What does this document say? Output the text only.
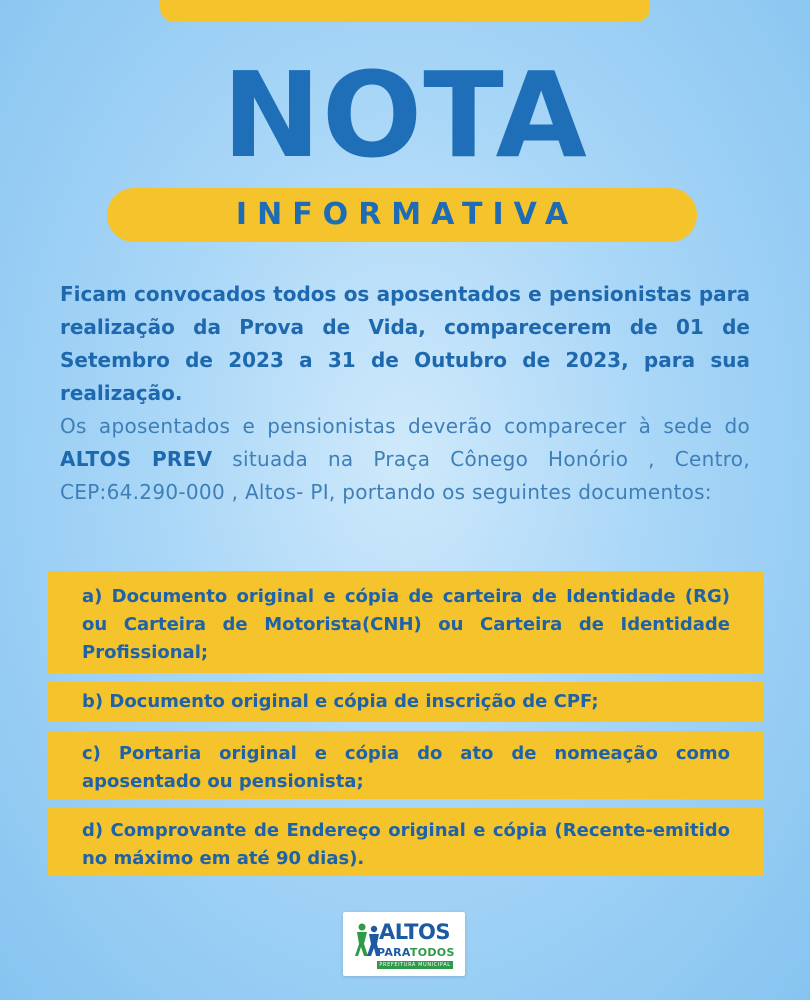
NOTA
INFORMATIVA
Ficam convocados todos os aposentados e pensionistas para realização da Prova de Vida, comparecerem de 01 de Setembro de 2023 a 31 de Outubro de 2023, para sua realização.
Os aposentados e pensionistas deverão comparecer à sede do ALTOS PREV situada na Praça Cônego Honório , Centro, CEP:64.290-000 , Altos- PI, portando os seguintes documentos:
a) Documento original e cópia de carteira de Identidade (RG) ou Carteira de Motorista(CNH) ou Carteira de Identidade Profissional;
b) Documento original e cópia de inscrição de CPF;
c) Portaria original e cópia do ato de nomeação como aposentado ou pensionista;
d) Comprovante de Endereço original e cópia (Recente-emitido no máximo em até 90 dias).
ALTOS
PARATODOS
PREFEITURA MUNICIPAL
